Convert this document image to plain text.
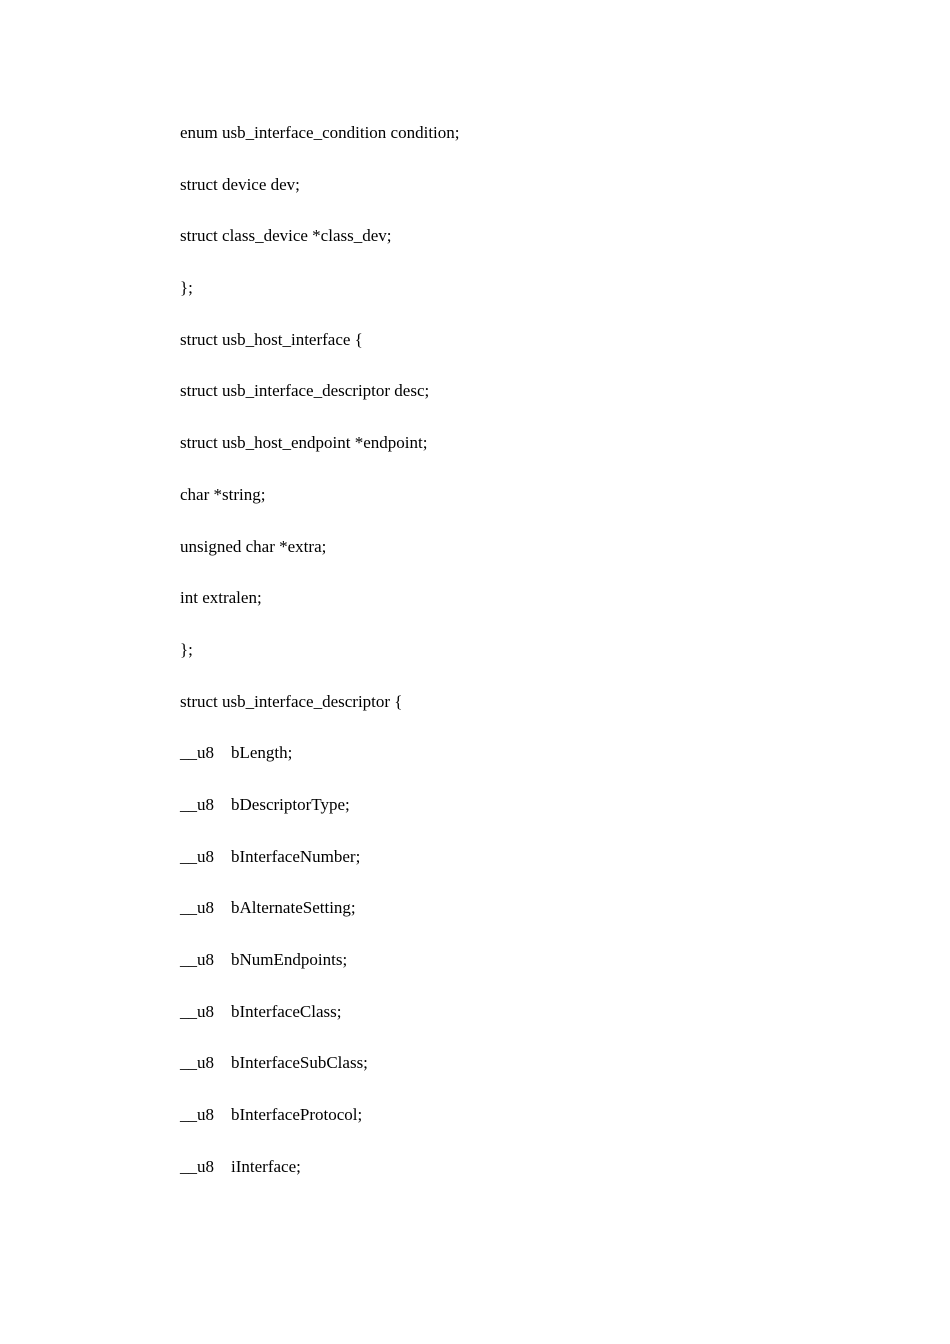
enum usb_interface_condition condition;
struct device dev;
struct class_device *class_dev;
};
struct usb_host_interface {
struct usb_interface_descriptor desc;
struct usb_host_endpoint *endpoint;
char *string;
unsigned char *extra;
int extralen;
};
struct usb_interface_descriptor {
__u8 bLength;
__u8 bDescriptorType;
__u8 bInterfaceNumber;
__u8 bAlternateSetting;
__u8 bNumEndpoints;
__u8 bInterfaceClass;
__u8 bInterfaceSubClass;
__u8 bInterfaceProtocol;
__u8 iInterface;
